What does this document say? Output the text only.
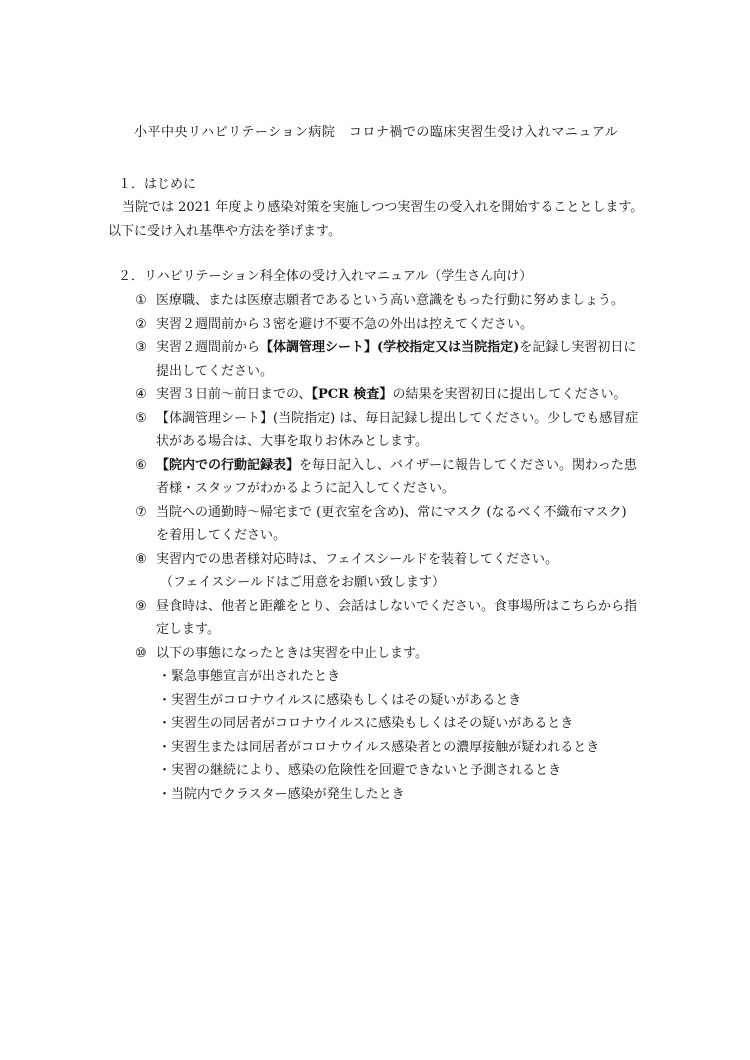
小平中央リハビリテーション病院　コロナ禍での臨床実習生受け入れマニュアル
１．はじめに
当院では 2021 年度より感染対策を実施しつつ実習生の受入れを開始することとします。
以下に受け入れ基準や方法を挙げます。
２．リハビリテーション科全体の受け入れマニュアル（学生さん向け）
① 医療職、または医療志願者であるという高い意識をもった行動に努めましょう。
② 実習２週間前から３密を避け不要不急の外出は控えてください。
③ 実習２週間前から【体調管理シート】(学校指定又は当院指定)を記録し実習初日に
提出してください。
④ 実習３日前～前日までの、【PCR 検査】の結果を実習初日に提出してください。
⑤ 【体調管理シート】(当院指定) は、毎日記録し提出してください。少しでも感冒症
状がある場合は、大事を取りお休みとします。
⑥ 【院内での行動記録表】を毎日記入し、バイザーに報告してください。関わった患
者様・スタッフがわかるように記入してください。
⑦ 当院への通勤時～帰宅まで (更衣室を含め)、常にマスク (なるべく不織布マスク)
を着用してください。
⑧ 実習内での患者様対応時は、フェイスシールドを装着してください。
（フェイスシールドはご用意をお願い致します）
⑨ 昼食時は、他者と距離をとり、会話はしないでください。食事場所はこちらから指
定します。
⑩ 以下の事態になったときは実習を中止します。
・緊急事態宣言が出されたとき
・実習生がコロナウイルスに感染もしくはその疑いがあるとき
・実習生の同居者がコロナウイルスに感染もしくはその疑いがあるとき
・実習生または同居者がコロナウイルス感染者との濃厚接触が疑われるとき
・実習の継続により、感染の危険性を回避できないと予測されるとき
・当院内でクラスター感染が発生したとき
